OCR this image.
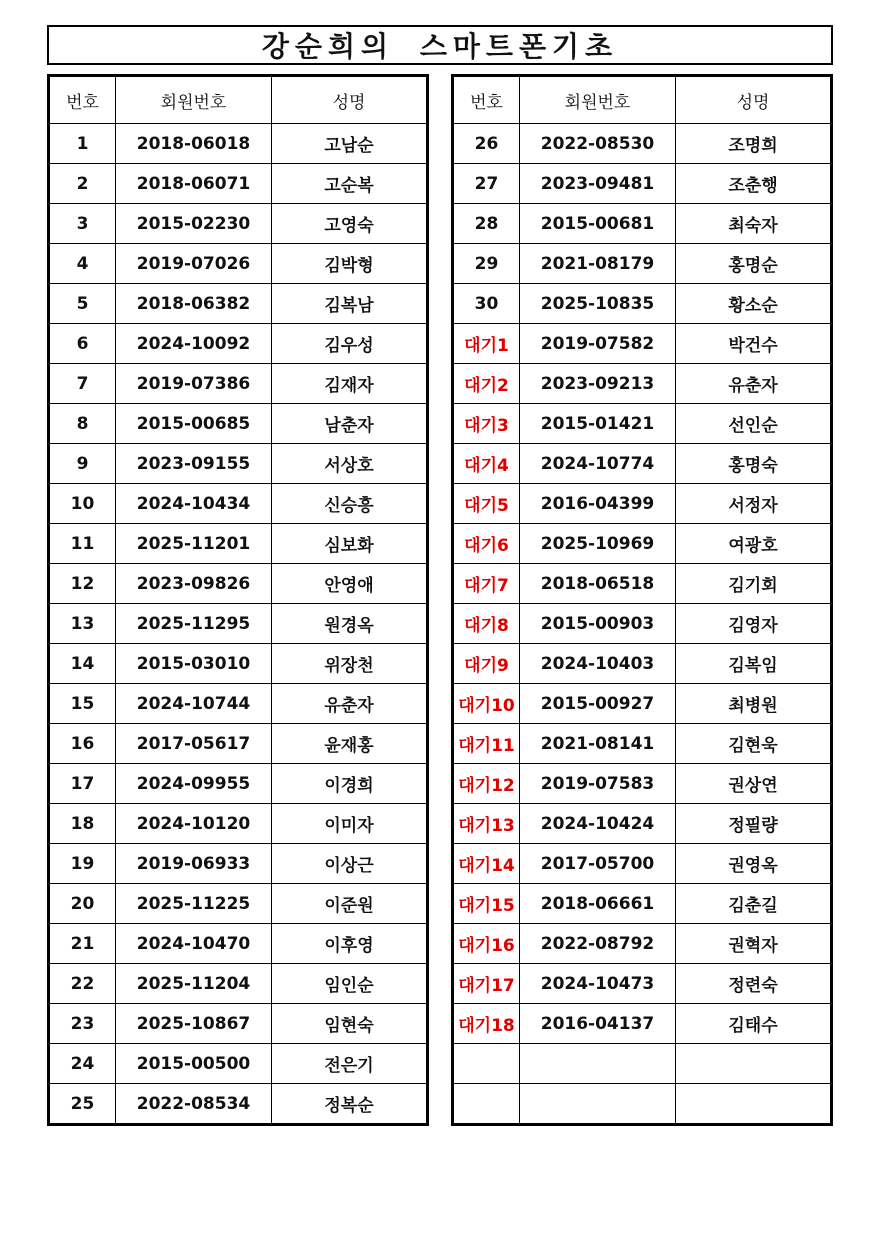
강순희의 스마트폰기초
번호	회원번호	성명
1	2018-06018	고남순
2	2018-06071	고순복
3	2015-02230	고영숙
4	2019-07026	김박형
5	2018-06382	김복남
6	2024-10092	김우성
7	2019-07386	김재자
8	2015-00685	남춘자
9	2023-09155	서상호
10	2024-10434	신승흥
11	2025-11201	심보화
12	2023-09826	안영애
13	2025-11295	원경옥
14	2015-03010	위장천
15	2024-10744	유춘자
16	2017-05617	윤재홍
17	2024-09955	이경희
18	2024-10120	이미자
19	2019-06933	이상근
20	2025-11225	이준원
21	2024-10470	이후영
22	2025-11204	임인순
23	2025-10867	임현숙
24	2015-00500	전은기
25	2022-08534	정복순
번호	회원번호	성명
26	2022-08530	조명희
27	2023-09481	조춘행
28	2015-00681	최숙자
29	2021-08179	홍명순
30	2025-10835	황소순
대기1	2019-07582	박건수
대기2	2023-09213	유춘자
대기3	2015-01421	선인순
대기4	2024-10774	홍명숙
대기5	2016-04399	서정자
대기6	2025-10969	여광호
대기7	2018-06518	김기회
대기8	2015-00903	김영자
대기9	2024-10403	김복임
대기10	2015-00927	최병원
대기11	2021-08141	김현욱
대기12	2019-07583	권상연
대기13	2024-10424	정필량
대기14	2017-05700	권영옥
대기15	2018-06661	김춘길
대기16	2022-08792	권혁자
대기17	2024-10473	정련숙
대기18	2016-04137	김태수
